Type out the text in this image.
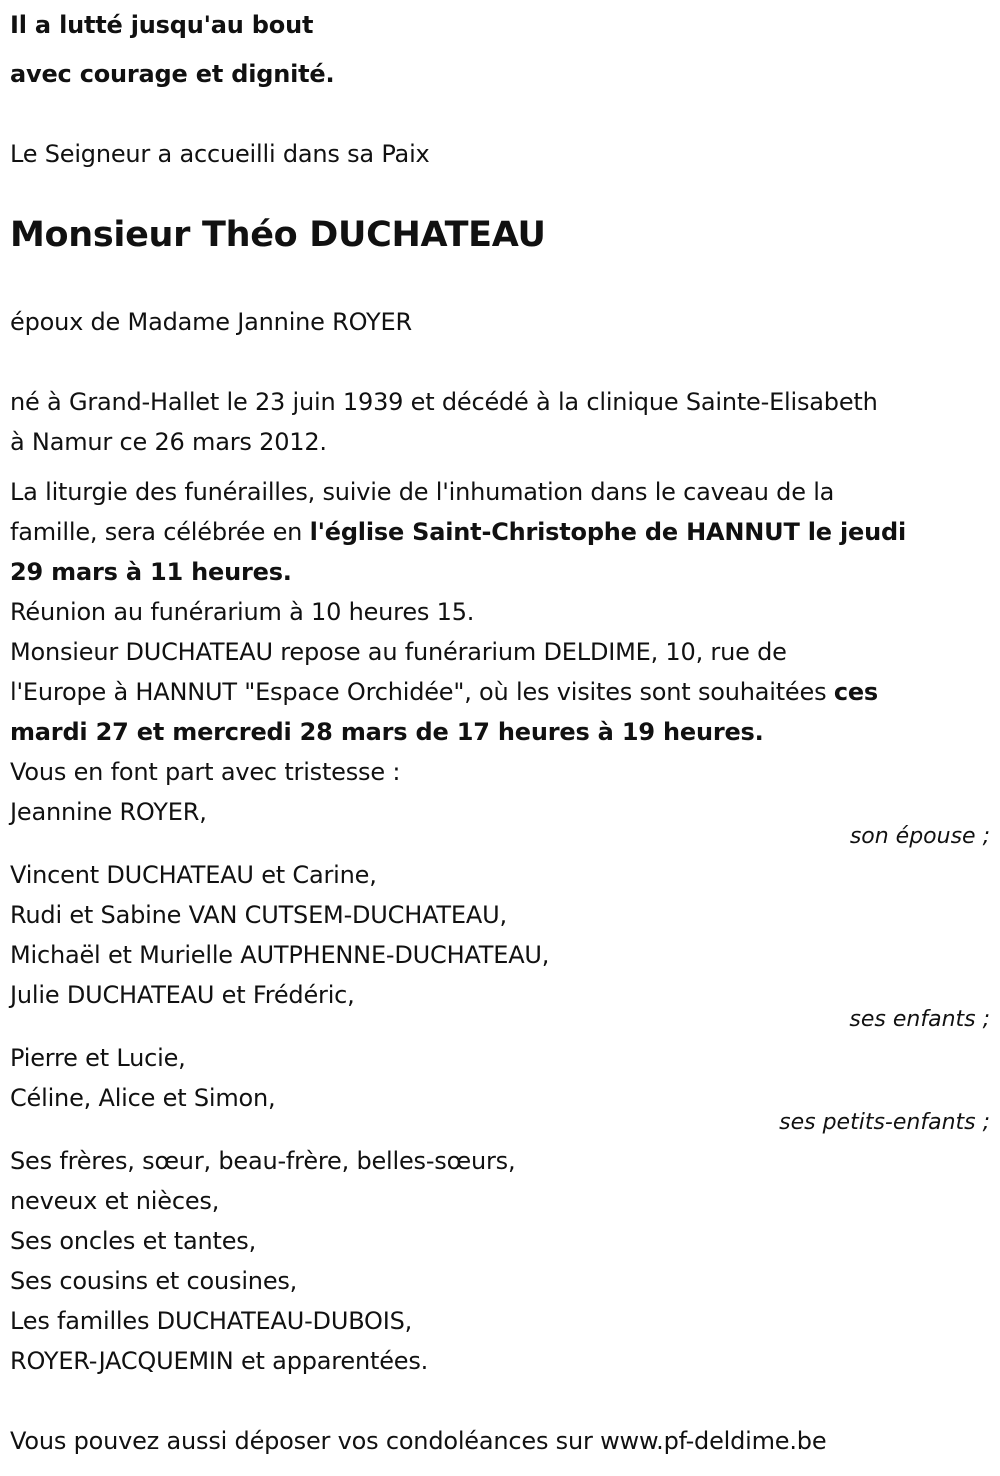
Il a lutté jusqu'au bout
avec courage et dignité.
Le Seigneur a accueilli dans sa Paix
Monsieur Théo DUCHATEAU
époux de Madame Jannine ROYER
né à Grand-Hallet le 23 juin 1939 et décédé à la clinique Sainte-Elisabeth
à Namur ce 26 mars 2012.
La liturgie des funérailles, suivie de l'inhumation dans le caveau de la
famille, sera célébrée en l'église Saint-Christophe de HANNUT le jeudi
29 mars à 11 heures.
Réunion au funérarium à 10 heures 15.
Monsieur DUCHATEAU repose au funérarium DELDIME, 10, rue de
l'Europe à HANNUT "Espace Orchidée", où les visites sont souhaitées ces
mardi 27 et mercredi 28 mars de 17 heures à 19 heures.
Vous en font part avec tristesse :
Jeannine ROYER,
son épouse ;
Vincent DUCHATEAU et Carine,
Rudi et Sabine VAN CUTSEM-DUCHATEAU,
Michaël et Murielle AUTPHENNE-DUCHATEAU,
Julie DUCHATEAU et Frédéric,
ses enfants ;
Pierre et Lucie,
Céline, Alice et Simon,
ses petits-enfants ;
Ses frères, sœur, beau-frère, belles-sœurs,
neveux et nièces,
Ses oncles et tantes,
Ses cousins et cousines,
Les familles DUCHATEAU-DUBOIS,
ROYER-JACQUEMIN et apparentées.
Vous pouvez aussi déposer vos condoléances sur www.pf-deldime.be
